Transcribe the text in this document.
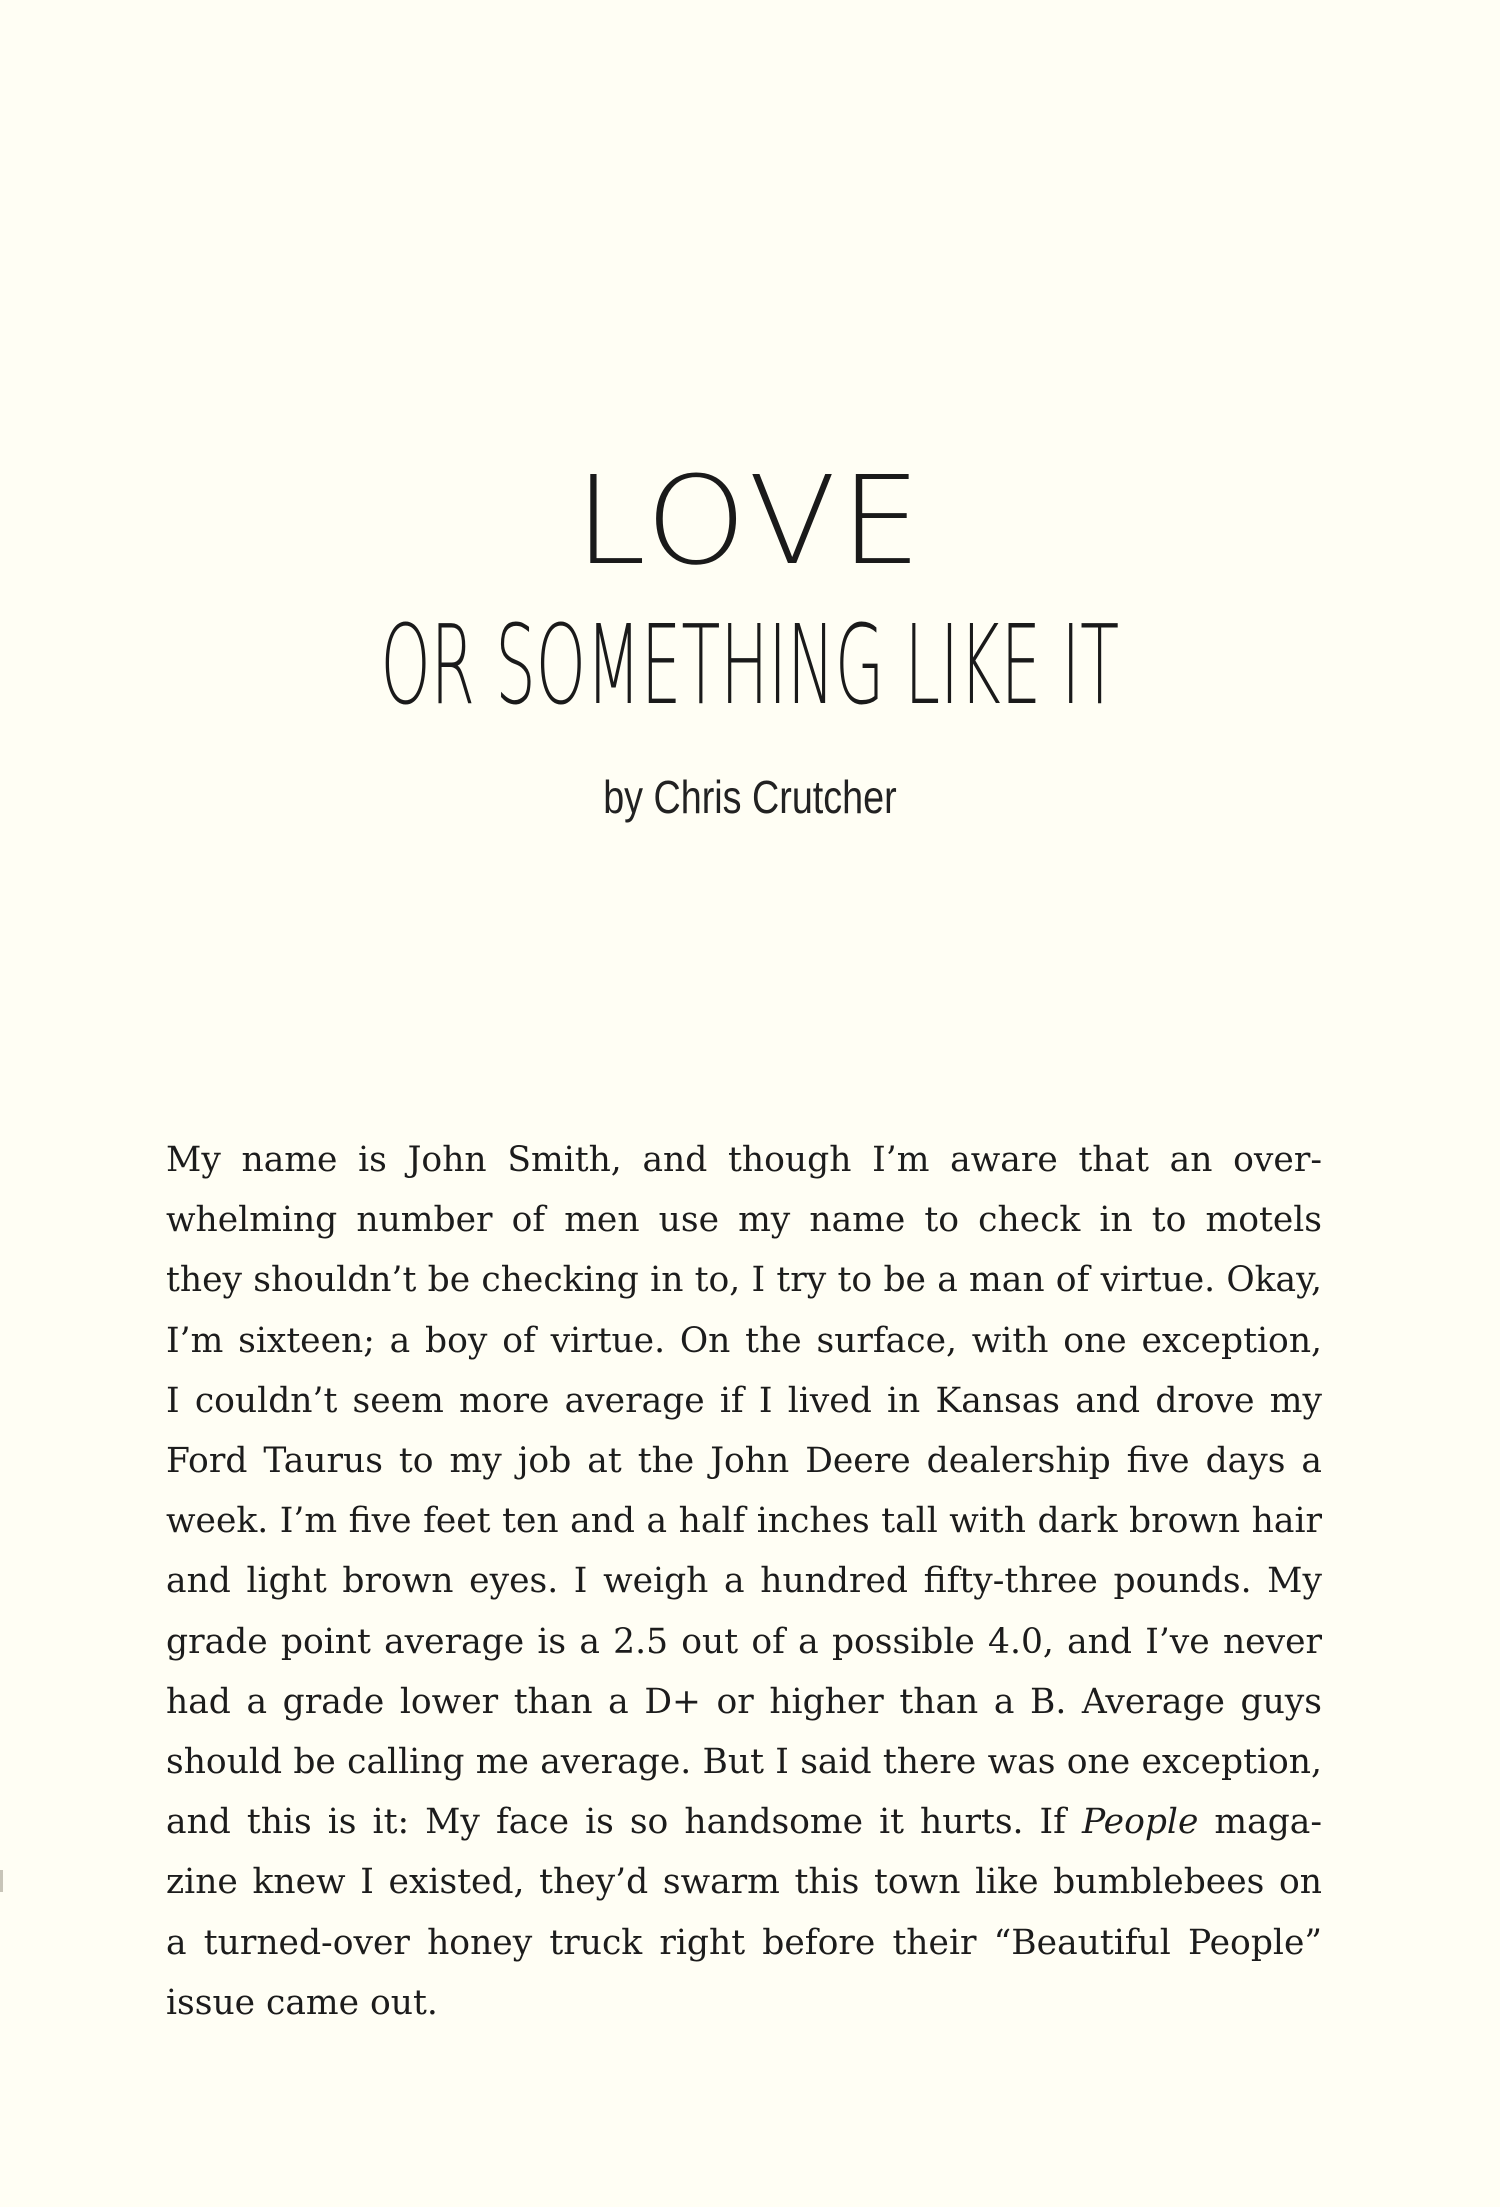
LOVE
OR SOMETHING LIKE IT
by Chris Crutcher
My name is John Smith, and though I’m aware that an over-
whelming number of men use my name to check in to motels
they shouldn’t be checking in to, I try to be a man of virtue. Okay,
I’m sixteen; a boy of virtue. On the surface, with one exception,
I couldn’t seem more average if I lived in Kansas and drove my
Ford Taurus to my job at the John Deere dealership five days a
week. I’m five feet ten and a half inches tall with dark brown hair
and light brown eyes. I weigh a hundred fifty-three pounds. My
grade point average is a 2.5 out of a possible 4.0, and I’ve never
had a grade lower than a D+ or higher than a B. Average guys
should be calling me average. But I said there was one exception,
and this is it: My face is so handsome it hurts. If People maga-
zine knew I existed, they’d swarm this town like bumblebees on
a turned-over honey truck right before their “Beautiful People”
issue came out.
